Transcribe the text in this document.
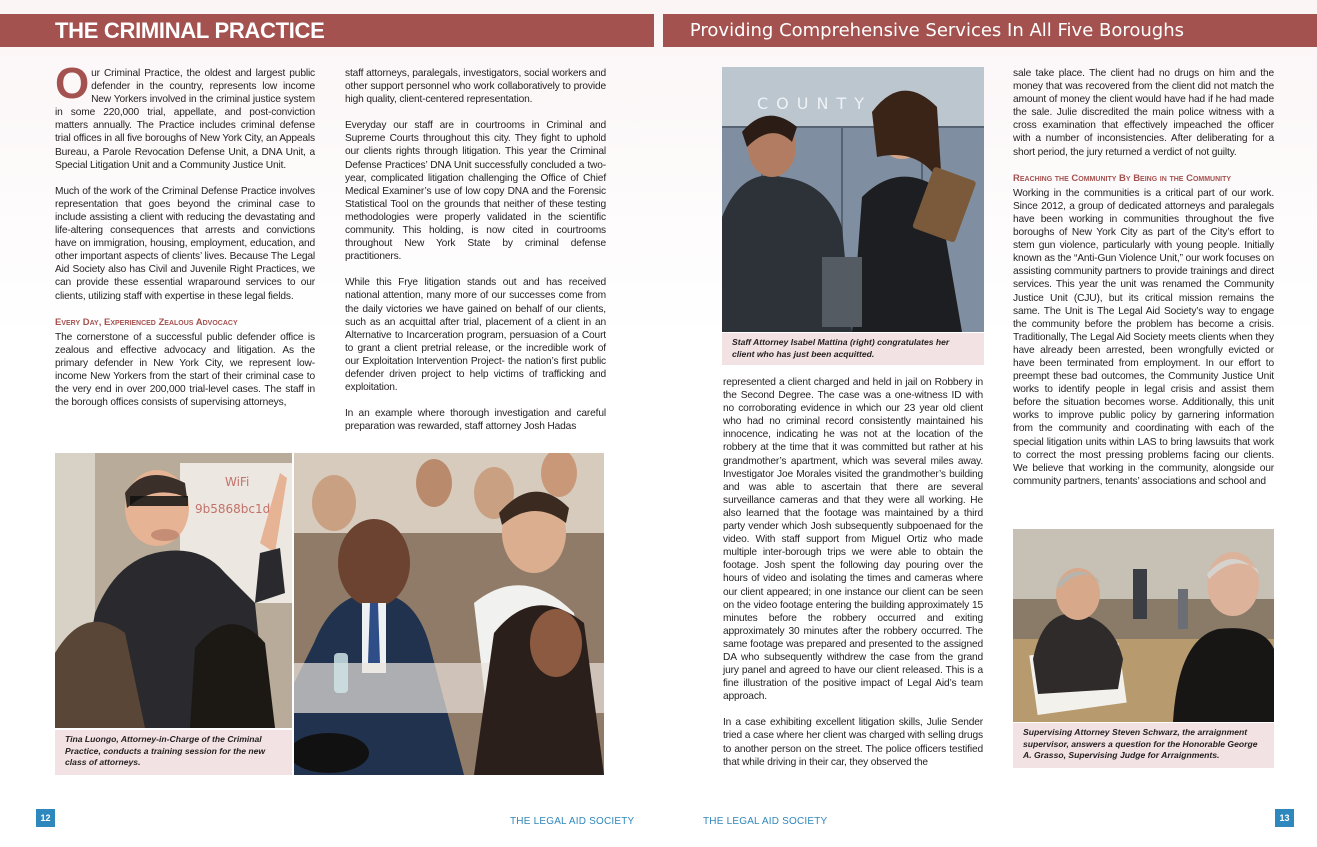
THE CRIMINAL PRACTICE	Providing Comprehensive Services In All Five Boroughs

O ur Criminal Practice, the oldest and largest public defender in the country, represents low income New Yorkers involved in the criminal justice system in some 220,000 trial, appellate, and post-conviction matters annually. The Practice includes criminal defense trial offices in all five boroughs of New York City, an Appeals Bureau, a Parole Revocation Defense Unit, a DNA Unit, a Special Litigation Unit and a Community Justice Unit.

Much of the work of the Criminal Defense Practice involves representation that goes beyond the criminal case to include assisting a client with reducing the devastating and life-altering consequences that arrests and convictions have on immigration, housing, employment, education, and other important aspects of clients’ lives. Because The Legal Aid Society also has Civil and Juvenile Right Practices, we can provide these essential wraparound services to our clients, utilizing staff with expertise in these legal fields.

Every Day, Experienced Zealous Advocacy

The cornerstone of a successful public defender office is zealous and effective advocacy and litigation. As the primary defender in New York City, we represent low-income New Yorkers from the start of their criminal case to the very end in over 200,000 trial-level cases. The staff in the borough offices consists of supervising attorneys,

staff attorneys, paralegals, investigators, social workers and other support personnel who work collaboratively to provide high quality, client-centered representation.

Everyday our staff are in courtrooms in Criminal and Supreme Courts throughout this city. They fight to uphold our clients rights through litigation. This year the Criminal Defense Practices’ DNA Unit successfully concluded a two-year, complicated litigation challenging the Office of Chief Medical Examiner’s use of low copy DNA and the Forensic Statistical Tool on the grounds that neither of these testing methodologies were properly validated in the scientific community. This holding, is now cited in courtrooms throughout New York State by criminal defense practitioners.

While this Frye litigation stands out and has received national attention, many more of our successes come from the daily victories we have gained on behalf of our clients, such as an acquittal after trial, placement of a client in an Alternative to Incarceration program, persuasion of a Court to grant a client pretrial release, or the incredible work of our Exploitation Intervention Project- the nation’s first public defender driven project to help victims of trafficking and exploitation.

In an example where thorough investigation and careful preparation was rewarded, staff attorney Josh Hadas

WiFi
9b5868bc1d
Tina Luongo, Attorney-in-Charge of the Criminal Practice, conducts a training session for the new class of attorneys.
COUNTY
Staff Attorney Isabel Mattina (right) congratulates her client who has just been acquitted.

represented a client charged and held in jail on Robbery in the Second Degree. The case was a one-witness ID with no corroborating evidence in which our 23 year old client who had no criminal record consistently maintained his innocence, indicating he was not at the location of the robbery at the time that it was committed but rather at his grandmother’s apartment, which was several miles away. Investigator Joe Morales visited the grandmother’s building and was able to ascertain that there are several surveillance cameras and that they were all working. He also learned that the footage was maintained by a third party vender which Josh subsequently subpoenaed for the video. With staff support from Miguel Ortiz who made multiple inter-borough trips we were able to obtain the footage. Josh spent the following day pouring over the hours of video and isolating the times and cameras where our client appeared; in one instance our client can be seen on the video footage entering the building approximately 15 minutes before the robbery occurred and exiting approximately 30 minutes after the robbery occurred. The same footage was prepared and presented to the assigned DA who subsequently withdrew the case from the grand jury panel and agreed to have our client released. This is a fine illustration of the positive impact of Legal Aid’s team approach.

In a case exhibiting excellent litigation skills, Julie Sender tried a case where her client was charged with selling drugs to another person on the street. The police officers testified that while driving in their car, they observed the

sale take place. The client had no drugs on him and the money that was recovered from the client did not match the amount of money the client would have had if he had made the sale. Julie discredited the main police witness with a cross examination that effectively impeached the officer with a number of inconsistencies. After deliberating for a short period, the jury returned a verdict of not guilty.

Reaching the Community By Being in the Community

Working in the communities is a critical part of our work. Since 2012, a group of dedicated attorneys and paralegals have been working in communities throughout the five boroughs of New York City as part of the City’s effort to stem gun violence, particularly with young people. Initially known as the “Anti-Gun Violence Unit,” our work focuses on assisting community partners to provide trainings and direct services. This year the unit was renamed the Community Justice Unit (CJU), but its critical mission remains the same. The Unit is The Legal Aid Society’s way to engage the community before the problem has become a crisis. Traditionally, The Legal Aid Society meets clients when they have already been arrested, been wrongfully evicted or have been terminated from employment. In our effort to preempt these bad outcomes, the Community Justice Unit works to identify people in legal crisis and assist them before the situation becomes worse. Additionally, this unit works to improve public policy by garnering information from the community and coordinating with each of the special litigation units within LAS to bring lawsuits that work to correct the most pressing problems facing our clients. We believe that working in the community, alongside our community partners, tenants’ associations and school and

Supervising Attorney Steven Schwarz, the arraignment supervisor, answers a question for the Honorable George A. Grasso, Supervising Judge for Arraignments.
12	THE LEGAL AID SOCIETY	THE LEGAL AID SOCIETY	13
